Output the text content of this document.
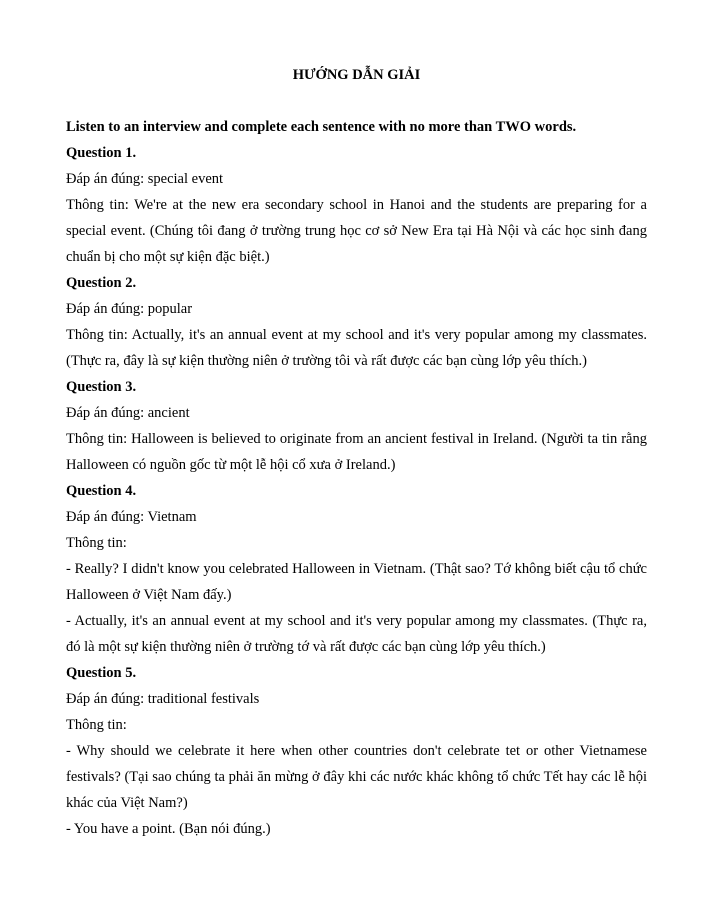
HƯỚNG DẪN GIẢI

Listen to an interview and complete each sentence with no more than TWO words.

Question 1.

Đáp án đúng: special event

Thông tin: We're at the new era secondary school in Hanoi and the students are preparing for a special event. (Chúng tôi đang ở trường trung học cơ sở New Era tại Hà Nội và các học sinh đang chuẩn bị cho một sự kiện đặc biệt.)

Question 2.

Đáp án đúng: popular

Thông tin: Actually, it's an annual event at my school and it's very popular among my classmates. (Thực ra, đây là sự kiện thường niên ở trường tôi và rất được các bạn cùng lớp yêu thích.)

Question 3.

Đáp án đúng: ancient

Thông tin: Halloween is believed to originate from an ancient festival in Ireland. (Người ta tin rằng Halloween có nguồn gốc từ một lễ hội cổ xưa ở Ireland.)

Question 4.

Đáp án đúng: Vietnam

Thông tin:

- Really? I didn't know you celebrated Halloween in Vietnam. (Thật sao? Tớ không biết cậu tổ chức Halloween ở Việt Nam đấy.)

- Actually, it's an annual event at my school and it's very popular among my classmates. (Thực ra, đó là một sự kiện thường niên ở trường tớ và rất được các bạn cùng lớp yêu thích.)

Question 5.

Đáp án đúng: traditional festivals

Thông tin:

- Why should we celebrate it here when other countries don't celebrate tet or other Vietnamese festivals? (Tại sao chúng ta phải ăn mừng ở đây khi các nước khác không tổ chức Tết hay các lễ hội khác của Việt Nam?)

- You have a point. (Bạn nói đúng.)
